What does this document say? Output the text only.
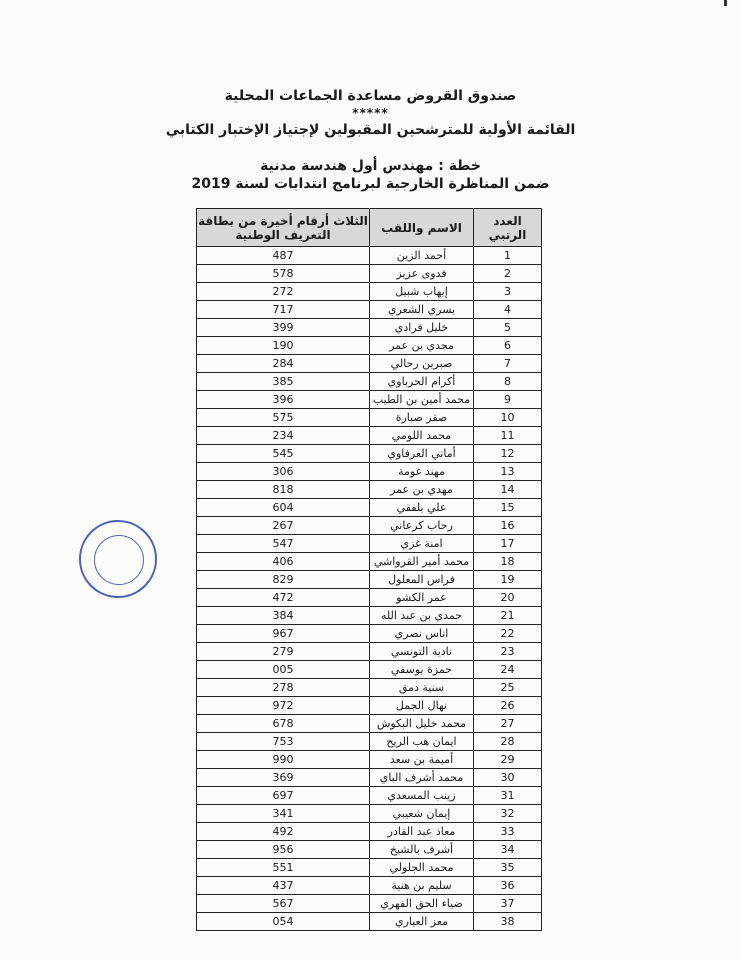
صندوق القروض مساعدة الجماعات المحلية
*****
القائمة الأولية للمترشحين المقبولين لإجتياز الإختبار الكتابي
خطة : مهندس أول هندسة مدنية
ضمن المناظرة الخارجية لبرنامج انتدابات لسنة 2019
العدد الرتبي	الاسم واللقب	الثلاث أرقام أخيرة من بطاقة التعريف الوطنية
1	أحمد الزين	487
2	فدوى عزيز	578
3	إيهاب شبيل	272
4	يسري الشعري	717
5	خليل فرادي	399
6	مجدي بن عمر	190
7	صبرين رحالي	284
8	أكرام الحرباوي	385
9	محمد أمين بن الطيب	396
10	صقر صبارة	575
11	محمد اللومي	234
12	أماني العرفاوي	545
13	مهند غومة	306
14	مهدي بن عمر	818
15	علي بلفقي	604
16	رحاب كرعاني	267
17	امنة غزي	547
18	محمد أمير القرواشي	406
19	فراس المعلول	829
20	عمر الكشو	472
21	حمدي بن عبد الله	384
22	اناس نصري	967
23	نادية التونسي	279
24	حمزة يوسفي	005
25	سنية دمق	278
26	نهال الجمل	972
27	محمد خليل البكوش	678
28	ايمان هب الريح	753
29	أميمة بن سعد	990
30	محمد أشرف الباي	369
31	زينب المسعدي	697
32	إيمان شعيبي	341
33	معاذ عبد القادر	492
34	أشرف بالشيخ	956
35	محمد الجلولي	551
36	سليم بن هنية	437
37	ضياء الحق الفهري	567
38	معز العياري	054
